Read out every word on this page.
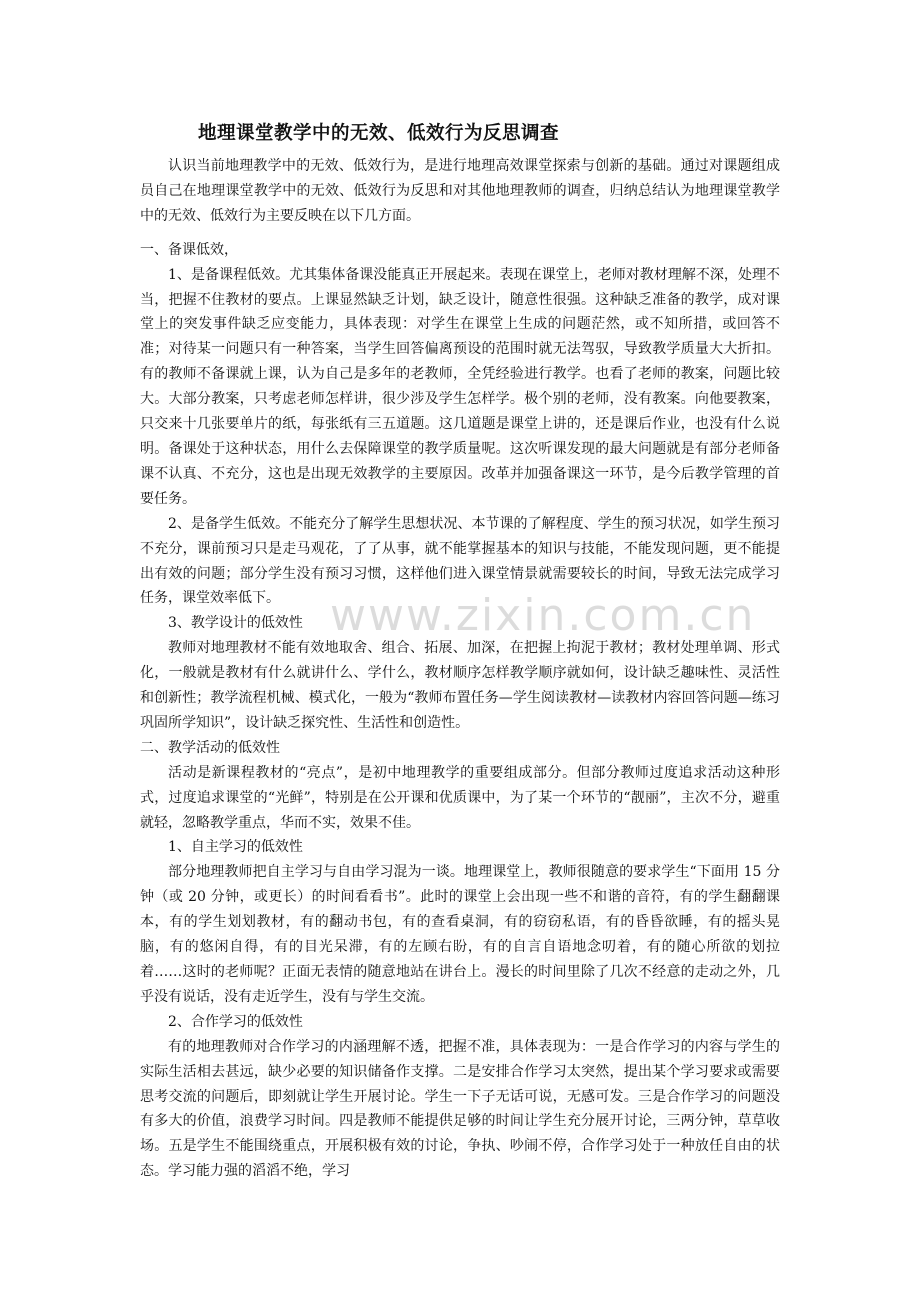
地理课堂教学中的无效、低效行为反思调查

认识当前地理教学中的无效、低效行为，是进行地理高效课堂探索与创新的基础。通过对课题组成员自己在地理课堂教学中的无效、低效行为反思和对其他地理教师的调查，归纳总结认为地理课堂教学中的无效、低效行为主要反映在以下几方面。

一、备课低效，

1、是备课程低效。尤其集体备课没能真正开展起来。表现在课堂上，老师对教材理解不深，处理不当，把握不住教材的要点。上课显然缺乏计划，缺乏设计，随意性很强。这种缺乏准备的教学，成对课堂上的突发事件缺乏应变能力，具体表现：对学生在课堂上生成的问题茫然，或不知所措，或回答不准；对待某一问题只有一种答案，当学生回答偏离预设的范围时就无法驾驭，导致教学质量大大折扣。有的教师不备课就上课，认为自己是多年的老教师，全凭经验进行教学。也看了老师的教案，问题比较大。大部分教案，只考虑老师怎样讲，很少涉及学生怎样学。极个别的老师，没有教案。向他要教案，只交来十几张要单片的纸，每张纸有三五道题。这几道题是课堂上讲的，还是课后作业，也没有什么说明。备课处于这种状态，用什么去保障课堂的教学质量呢。这次听课发现的最大问题就是有部分老师备课不认真、不充分，这也是出现无效教学的主要原因。改革并加强备课这一环节，是今后教学管理的首要任务。

2、是备学生低效。不能充分了解学生思想状况、本节课的了解程度、学生的预习状况，如学生预习不充分，课前预习只是走马观花，了了从事，就不能掌握基本的知识与技能，不能发现问题，更不能提出有效的问题；部分学生没有预习习惯，这样他们进入课堂情景就需要较长的时间，导致无法完成学习任务，课堂效率低下。

3、教学设计的低效性

教师对地理教材不能有效地取舍、组合、拓展、加深，在把握上拘泥于教材；教材处理单调、形式化，一般就是教材有什么就讲什么、学什么，教材顺序怎样教学顺序就如何，设计缺乏趣味性、灵活性和创新性；教学流程机械、模式化，一般为“教师布置任务—学生阅读教材—读教材内容回答问题—练习巩固所学知识”，设计缺乏探究性、生活性和创造性。

二、教学活动的低效性

活动是新课程教材的“亮点”，是初中地理教学的重要组成部分。但部分教师过度追求活动这种形式，过度追求课堂的“光鲜”，特别是在公开课和优质课中，为了某一个环节的“靓丽”，主次不分，避重就轻，忽略教学重点，华而不实，效果不佳。

1、自主学习的低效性

部分地理教师把自主学习与自由学习混为一谈。地理课堂上，教师很随意的要求学生“下面用 15 分钟（或 20 分钟，或更长）的时间看看书”。此时的课堂上会出现一些不和谐的音符，有的学生翻翻课本，有的学生划划教材，有的翻动书包，有的查看桌洞，有的窃窃私语，有的昏昏欲睡，有的摇头晃脑，有的悠闲自得，有的目光呆滞，有的左顾右盼，有的自言自语地念叨着，有的随心所欲的划拉着……这时的老师呢？正面无表情的随意地站在讲台上。漫长的时间里除了几次不经意的走动之外，几乎没有说话，没有走近学生，没有与学生交流。

2、合作学习的低效性

有的地理教师对合作学习的内涵理解不透，把握不准，具体表现为：一是合作学习的内容与学生的实际生活相去甚远，缺少必要的知识储备作支撑。二是安排合作学习太突然，提出某个学习要求或需要思考交流的问题后，即刻就让学生开展讨论。学生一下子无话可说，无感可发。三是合作学习的问题没有多大的价值，浪费学习时间。四是教师不能提供足够的时间让学生充分展开讨论，三两分钟，草草收场。五是学生不能围绕重点，开展积极有效的讨论，争执、吵闹不停，合作学习处于一种放任自由的状态。学习能力强的滔滔不绝，学习

www.zixin.com.cn
